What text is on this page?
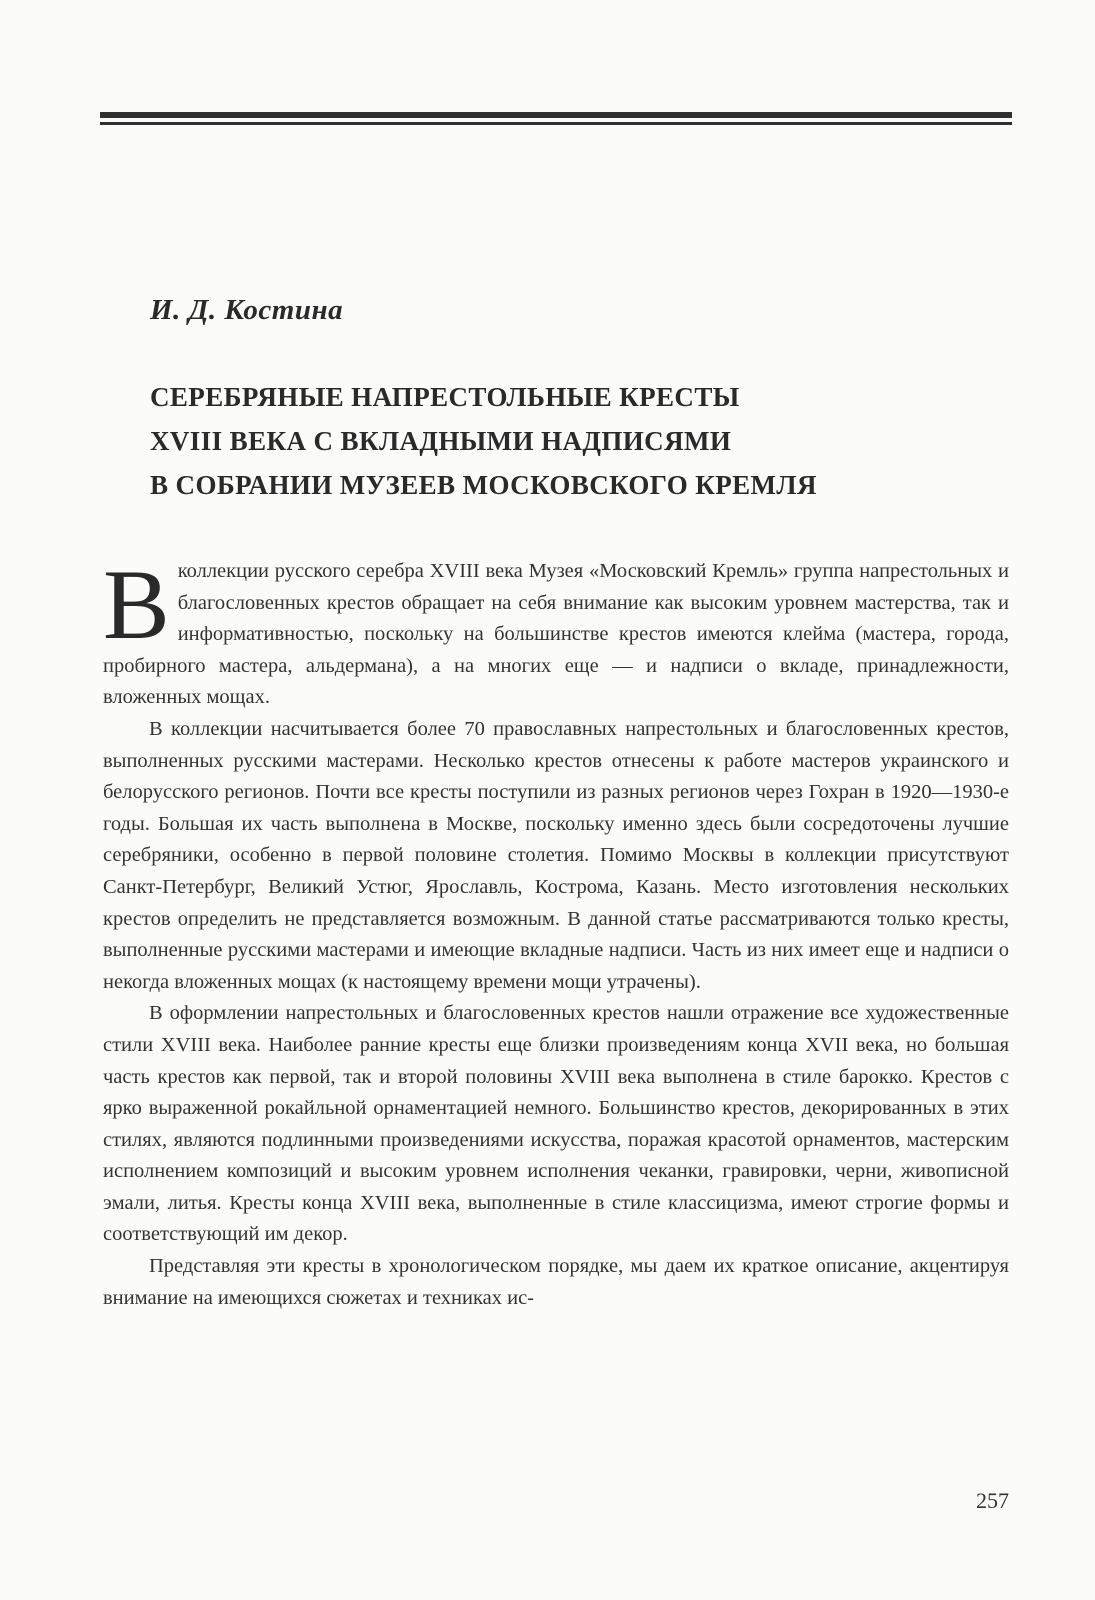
И. Д. Костина
СЕРЕБРЯНЫЕ НАПРЕСТОЛЬНЫЕ КРЕСТЫ
XVIII ВЕКА С ВКЛАДНЫМИ НАДПИСЯМИ
В СОБРАНИИ МУЗЕЕВ МОСКОВСКОГО КРЕМЛЯ

В коллекции русского серебра XVIII века Музея «Московский Кремль» группа напрестольных и благословенных крестов обращает на себя внимание как высоким уровнем мастерства, так и информативностью, поскольку на большинстве крестов имеются клейма (мастера, города, пробирного мастера, альдермана), а на многих еще — и надписи о вкладе, принадлежности, вложенных мощах.

В коллекции насчитывается более 70 православных напрестольных и благословенных крестов, выполненных русскими мастерами. Несколько крестов отнесены к работе мастеров украинского и белорусского регионов. Почти все кресты поступили из разных регионов через Гохран в 1920—1930-е годы. Большая их часть выполнена в Москве, поскольку именно здесь были сосредоточены лучшие серебряники, особенно в первой половине столетия. Помимо Москвы в коллекции присутствуют Санкт-Петербург, Великий Устюг, Ярославль, Кострома, Казань. Место изготовления нескольких крестов определить не представляется возможным. В данной статье рассматриваются только кресты, выполненные русскими мастерами и имеющие вкладные надписи. Часть из них имеет еще и надписи о некогда вложенных мощах (к настоящему времени мощи утрачены).

В оформлении напрестольных и благословенных крестов нашли отражение все художественные стили XVIII века. Наиболее ранние кресты еще близки произведениям конца XVII века, но большая часть крестов как первой, так и второй половины XVIII века выполнена в стиле барокко. Крестов с ярко выраженной рокайльной орнаментацией немного. Большинство крестов, декорированных в этих стилях, являются подлинными произведениями искусства, поражая красотой орнаментов, мастерским исполнением композиций и высоким уровнем исполнения чеканки, гравировки, черни, живописной эмали, литья. Кресты конца XVIII века, выполненные в стиле классицизма, имеют строгие формы и соответствующий им декор.

Представляя эти кресты в хронологическом порядке, мы даем их краткое описание, акцентируя внимание на имеющихся сюжетах и техниках ис-

257
